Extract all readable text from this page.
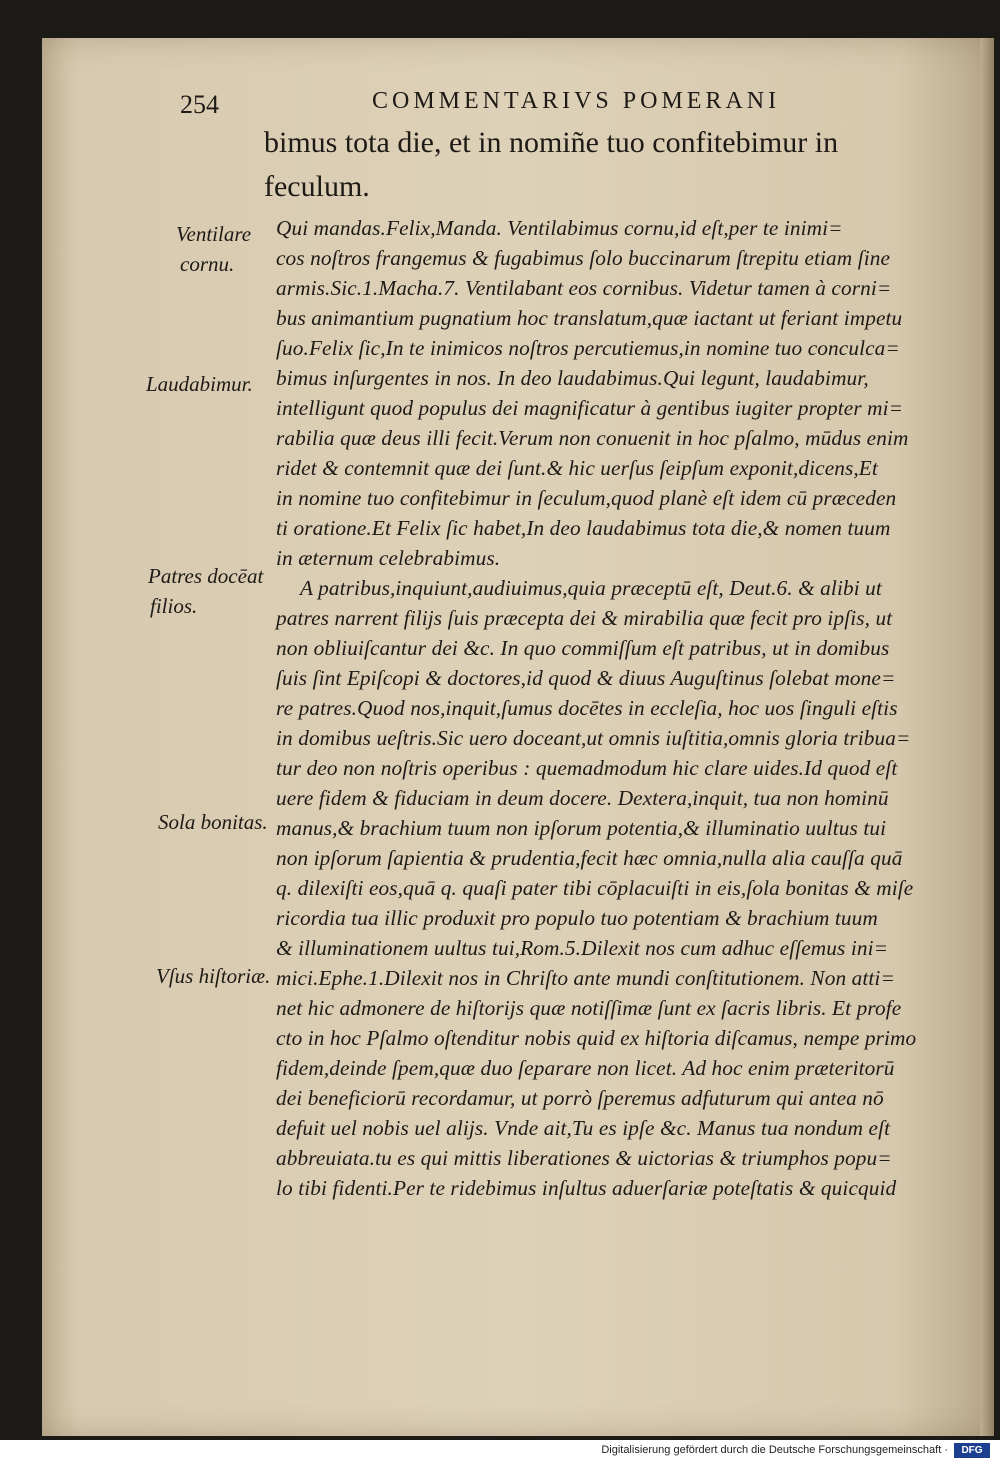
254	COMMENTARIVS POMERANI
bimus tota die, et in nomiñe tuo confitebimur in
feculum.
Qui mandas.Felix,Manda. Ventilabimus cornu,id eſt,per te inimi=
cos noſtros frangemus & fugabimus ſolo buccinarum ſtrepitu etiam ſine
armis.Sic.1.Macha.7. Ventilabant eos cornibus. Videtur tamen à corni=
bus animantium pugnatium hoc translatum,quæ iactant ut feriant impetu
ſuo.Felix ſic,In te inimicos noſtros percutiemus,in nomine tuo conculca=
bimus inſurgentes in nos. In deo laudabimus.Qui legunt, laudabimur,
intelligunt quod populus dei magnificatur à gentibus iugiter propter mi=
rabilia quæ deus illi fecit.Verum non conuenit in hoc pſalmo, mūdus enim
ridet & contemnit quæ dei ſunt.& hic uerſus ſeipſum exponit,dicens,Et
in nomine tuo confitebimur in ſeculum,quod planè eſt idem cū præceden
ti oratione.Et Felix ſic habet,In deo laudabimus tota die,& nomen tuum
in æternum celebrabimus.
A patribus,inquiunt,audiuimus,quia præceptū eſt, Deut.6. & alibi ut
patres narrent filijs ſuis præcepta dei & mirabilia quæ fecit pro ipſis, ut
non obliuiſcantur dei &c. In quo commiſſum eſt patribus, ut in domibus
ſuis ſint Epiſcopi & doctores,id quod & diuus Auguſtinus ſolebat mone=
re patres.Quod nos,inquit,ſumus docētes in eccleſia, hoc uos ſinguli eſtis
in domibus ueſtris.Sic uero doceant,ut omnis iuſtitia,omnis gloria tribua=
tur deo non noſtris operibus : quemadmodum hic clare uides.Id quod eſt
uere fidem & fiduciam in deum docere. Dextera,inquit, tua non hominū
manus,& brachium tuum non ipſorum potentia,& illuminatio uultus tui
non ipſorum ſapientia & prudentia,fecit hæc omnia,nulla alia cauſſa quā
q. dilexiſti eos,quā q. quaſi pater tibi cōplacuiſti in eis,ſola bonitas & miſe
ricordia tua illic produxit pro populo tuo potentiam & brachium tuum
& illuminationem uultus tui,Rom.5.Dilexit nos cum adhuc eſſemus ini=
mici.Ephe.1.Dilexit nos in Chriſto ante mundi conſtitutionem. Non atti=
net hic admonere de hiſtorijs quæ notiſſimæ ſunt ex ſacris libris. Et profe
cto in hoc Pſalmo oſtenditur nobis quid ex hiſtoria diſcamus, nempe primo
fidem,deinde ſpem,quæ duo ſeparare non licet. Ad hoc enim præteritorū
dei beneficiorū recordamur, ut porrò ſperemus adfuturum qui antea nō
defuit uel nobis uel alijs. Vnde ait,Tu es ipſe &c. Manus tua nondum eſt
abbreuiata.tu es qui mittis liberationes & uictorias & triumphos popu=
lo tibi fidenti.Per te ridebimus inſultus aduerſariæ poteſtatis & quicquid
Ventilare
cornu.
Laudabimur.
Patres docēat
filios.
Sola bonitas.
Vſus hiſtoriæ.
Digitalisierung gefördert durch die Deutsche Forschungsgemeinschaft ·	DFG
